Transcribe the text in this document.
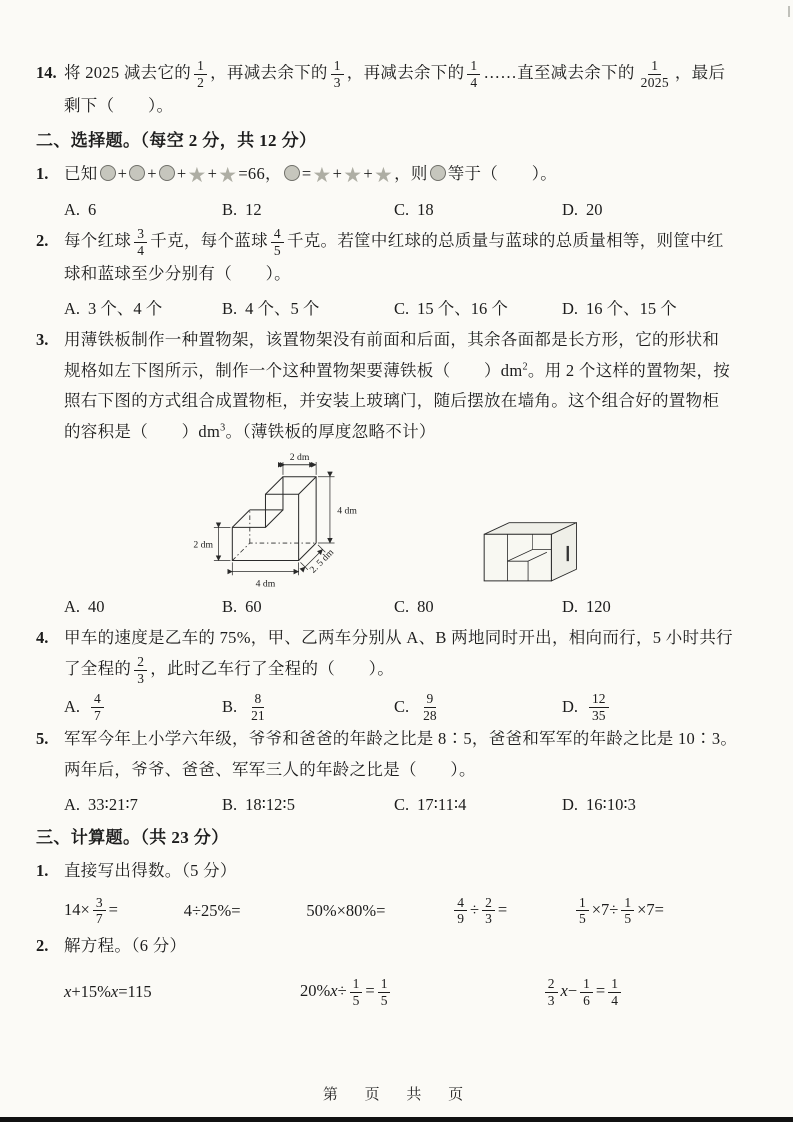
14. 将 2025 减去它的 $\frac{1}{2}$ ，再减去余下的 $\frac{1}{3}$ ，再减去余下的 $\frac{1}{4}$ ……直至减去余下的 $\frac{1}{2025}$ ，最后
剩下（　　）。
二、选择题。（每空 2 分，共 12 分）
1. 已知 + + +★+★=66， =★+★+★，则 等于（　　）。
A. 6	B. 12	C. 18	D. 20
2. 每个红球 $\frac{3}{4}$ 千克，每个蓝球 $\frac{4}{5}$ 千克。若筐中红球的总质量与蓝球的总质量相等，则筐中红
球和蓝球至少分别有（　　）。
A. 3 个、4 个	B. 4 个、5 个	C. 15 个、16 个	D. 16 个、15 个
3. 用薄铁板制作一种置物架，该置物架没有前面和后面，其余各面都是长方形，它的形状和
规格如左下图所示，制作一个这种置物架要薄铁板（　　）$dm^2$。用 2 个这样的置物架，按
照右下图的方式组合成置物柜，并安装上玻璃门，随后摆放在墙角。这个组合好的置物柜
的容积是（　　）$dm^3$。（薄铁板的厚度忽略不计）
2 dm
4 dm
2 dm
4 dm
2. 5 dm
A. 40	B. 60	C. 80	D. 120
4. 甲车的速度是乙车的 75%，甲、乙两车分别从 A、B 两地同时开出，相向而行，5 小时共行
了全程的 $\frac{2}{3}$ ，此时乙车行了全程的（　　）。
A. $\frac{4}{7}$	B. $\frac{8}{21}$	C. $\frac{9}{28}$	D. $\frac{12}{35}$
5. 军军今年上小学六年级，爷爷和爸爸的年龄之比是 8∶5，爸爸和军军的年龄之比是 10∶3。
两年后，爷爷、爸爸、军军三人的年龄之比是（　　）。
A. 33∶21∶7	B. 18∶12∶5	C. 17∶11∶4	D. 16∶10∶3
三、计算题。（共 23 分）
1. 直接写出得数。（5 分）
$14\times \frac{3}{7}$ =	4÷25%=	50%×80%=	$\frac{4}{9} \div \frac{2}{3}$ =	$\frac{1}{5} \times 7\div \frac{1}{5} \times 7=$
2. 解方程。（6 分）
x+15%x=115	$20\%x\div \frac{1}{5} = \frac{1}{5}$	$\frac{2}{3} x- \frac{1}{6} = \frac{1}{4}$
第 页 共 页
